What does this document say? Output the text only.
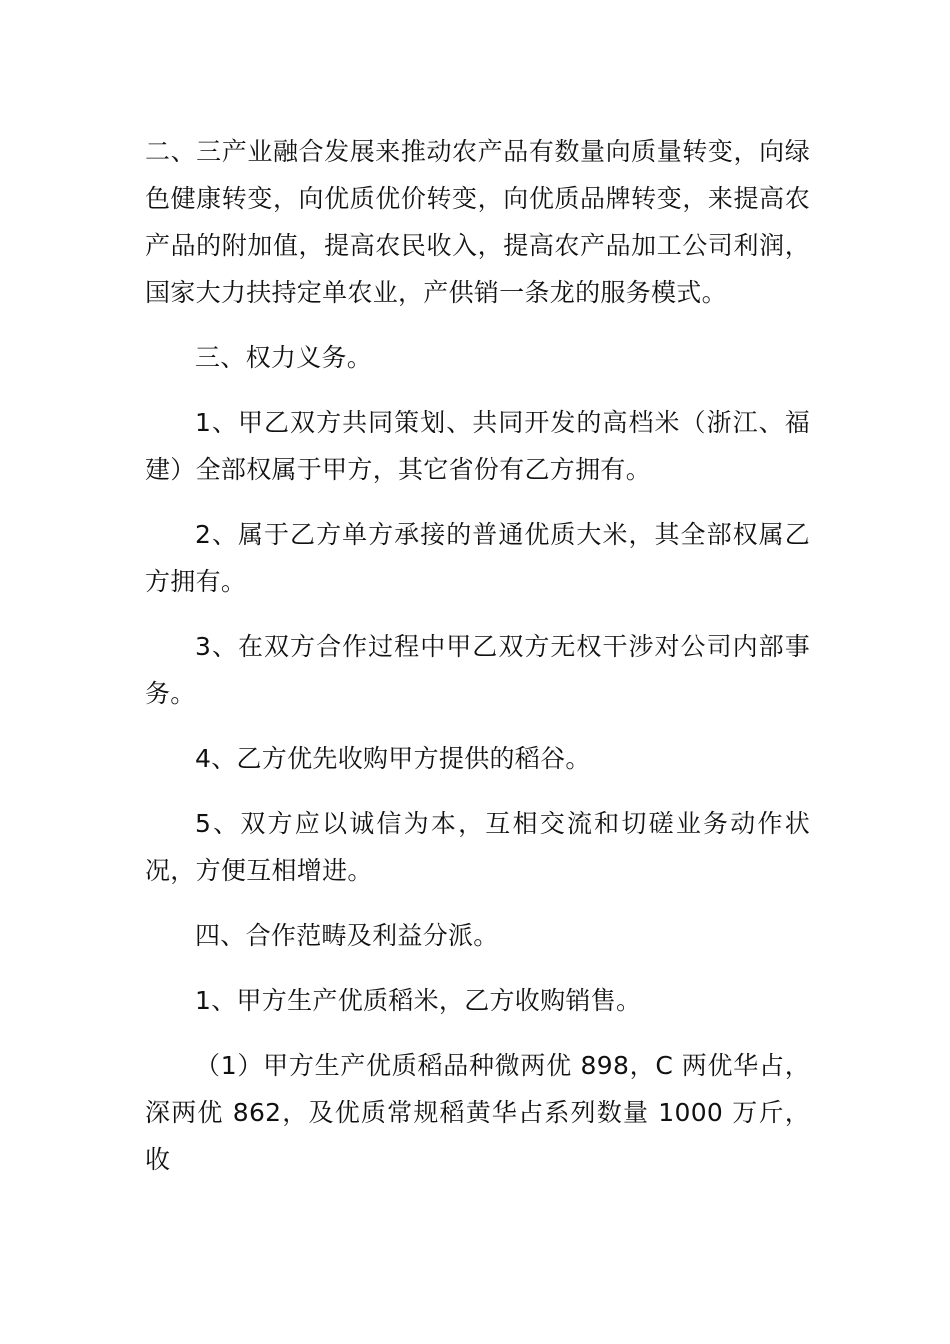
二、三产业融合发展来推动农产品有数量向质量转变，向绿色健康转变，向优质优价转变，向优质品牌转变，来提高农产品的附加值，提高农民收入，提高农产品加工公司利润，国家大力扶持定单农业，产供销一条龙的服务模式。

三、权力义务。

1、甲乙双方共同策划、共同开发的高档米（浙江、福建）全部权属于甲方，其它省份有乙方拥有。

2、属于乙方单方承接的普通优质大米，其全部权属乙方拥有。

3、在双方合作过程中甲乙双方无权干涉对公司内部事务。

4、乙方优先收购甲方提供的稻谷。

5、双方应以诚信为本，互相交流和切磋业务动作状况，方便互相增进。

四、合作范畴及利益分派。

1、甲方生产优质稻米，乙方收购销售。

（1）甲方生产优质稻品种微两优 898，C 两优华占，深两优 862，及优质常规稻黄华占系列数量 1000 万斤，收
